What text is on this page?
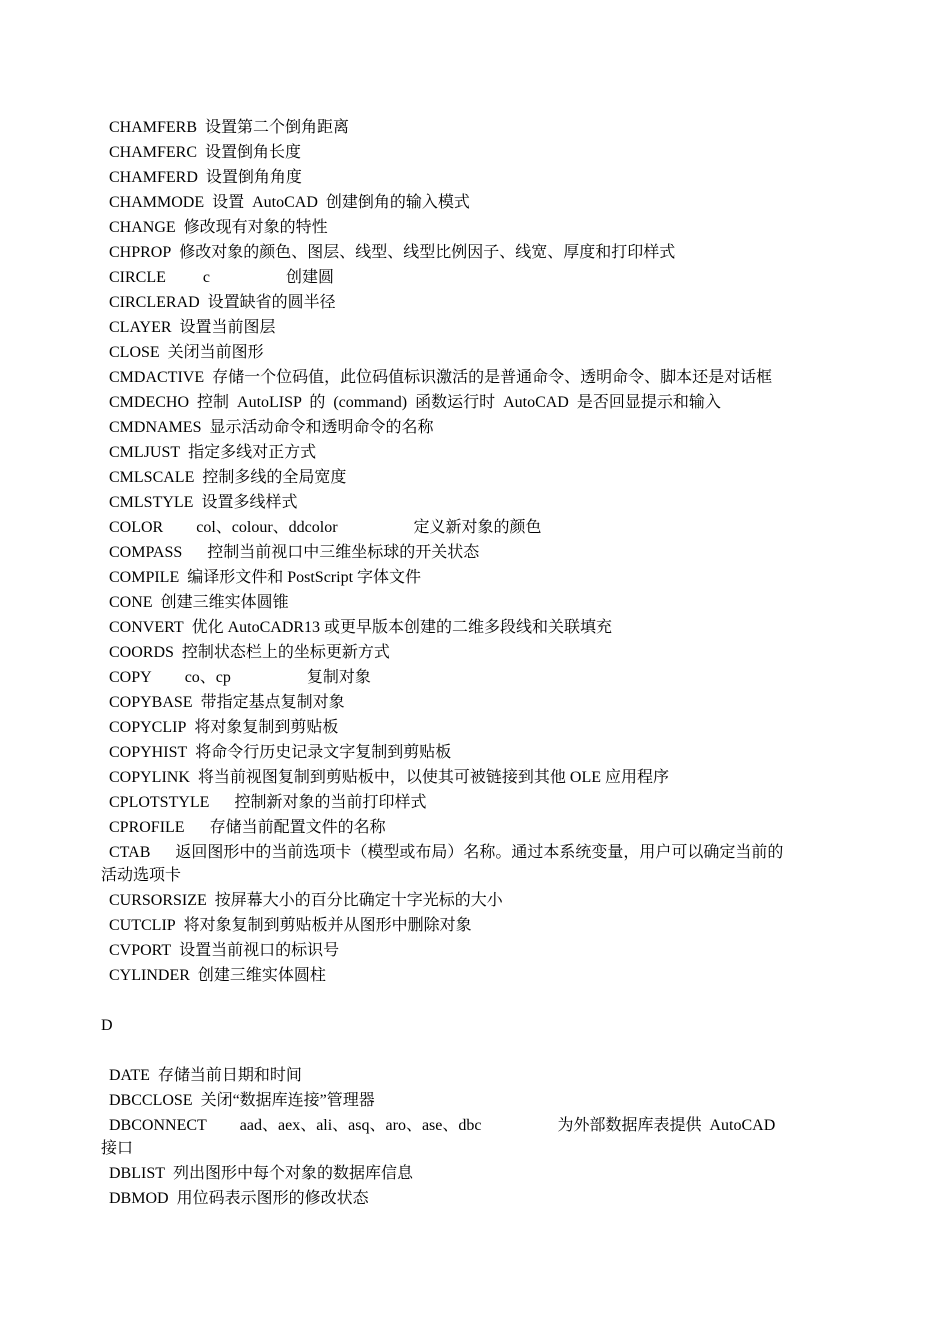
CHAMFERB 设置第二个倒角距离
CHAMFERC 设置倒角长度
CHAMFERD 设置倒角角度
CHAMMODE 设置  AutoCAD  创建倒角的输入模式
CHANGE 修改现有对象的特性
CHPROP 修改对象的颜色、图层、线型、线型比例因子、线宽、厚度和打印样式
CIRCLE c	创建圆
CIRCLERAD 设置缺省的圆半径
CLAYER 设置当前图层
CLOSE 关闭当前图形
CMDACTIVE 存储一个位码值，此位码值标识激活的是普通命令、透明命令、脚本还是对话框
CMDECHO 控制  AutoLISP  的  (command)  函数运行时  AutoCAD  是否回显提示和输入
CMDNAMES 显示活动命令和透明命令的名称
CMLJUST 指定多线对正方式
CMLSCALE 控制多线的全局宽度
CMLSTYLE 设置多线样式
COLOR col、colour、ddcolor	定义新对象的颜色
COMPASS 控制当前视口中三维坐标球的开关状态
COMPILE 编译形文件和 PostScript 字体文件
CONE 创建三维实体圆锥
CONVERT 优化 AutoCADR13 或更早版本创建的二维多段线和关联填充
COORDS 控制状态栏上的坐标更新方式
COPY co、cp	复制对象
COPYBASE 带指定基点复制对象
COPYCLIP 将对象复制到剪贴板
COPYHIST 将命令行历史记录文字复制到剪贴板
COPYLINK 将当前视图复制到剪贴板中，以使其可被链接到其他 OLE 应用程序
CPLOTSTYLE 控制新对象的当前打印样式
CPROFILE 存储当前配置文件的名称
CTAB 返回图形中的当前选项卡（模型或布局）名称。通过本系统变量，用户可以确定当前的
活动选项卡
CURSORSIZE 按屏幕大小的百分比确定十字光标的大小
CUTCLIP 将对象复制到剪贴板并从图形中删除对象
CVPORT 设置当前视口的标识号
CYLINDER 创建三维实体圆柱
D
DATE 存储当前日期和时间
DBCCLOSE 关闭“数据库连接”管理器
DBCONNECT aad、aex、ali、asq、aro、ase、dbc	为外部数据库表提供  AutoCAD
接口
DBLIST 列出图形中每个对象的数据库信息
DBMOD 用位码表示图形的修改状态
